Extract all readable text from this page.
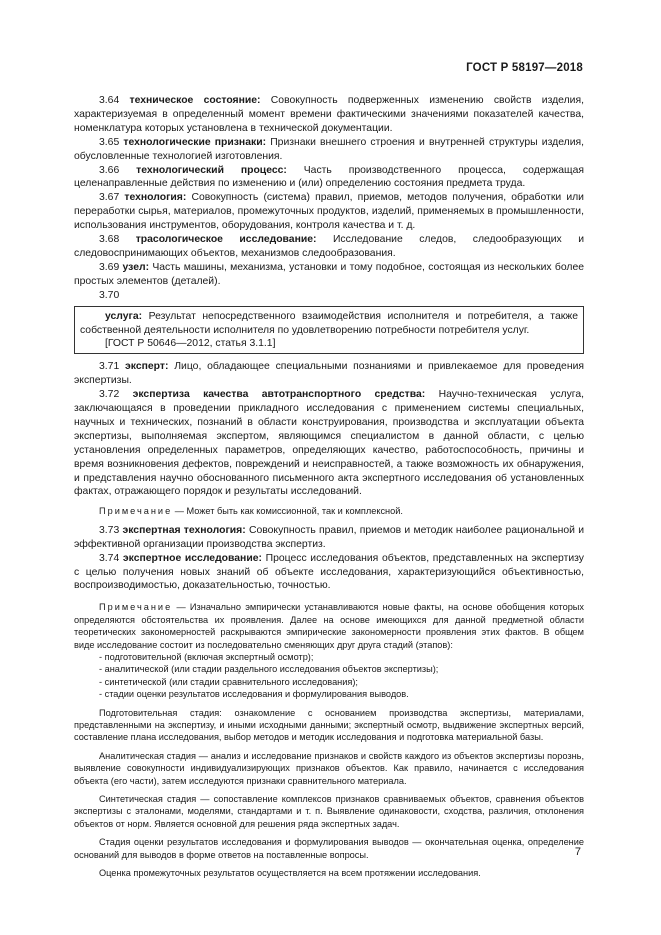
ГОСТ Р 58197—2018

3.64 техническое состояние: Совокупность подверженных изменению свойств изделия, характеризуемая в определенный момент времени фактическими значениями показателей качества, номенклатура которых установлена в технической документации.

3.65 технологические признаки: Признаки внешнего строения и внутренней структуры изделия, обусловленные технологией изготовления.

3.66 технологический процесс: Часть производственного процесса, содержащая целенаправленные действия по изменению и (или) определению состояния предмета труда.

3.67 технология: Совокупность (система) правил, приемов, методов получения, обработки или переработки сырья, материалов, промежуточных продуктов, изделий, применяемых в промышленности, использования инструментов, оборудования, контроля качества и т. д.

3.68 трасологическое исследование: Исследование следов, следообразующих и следовоспринимающих объектов, механизмов следообразования.

3.69 узел: Часть машины, механизма, установки и тому подобное, состоящая из нескольких более простых элементов (деталей).

3.70

услуга: Результат непосредственного взаимодействия исполнителя и потребителя, а также собственной деятельности исполнителя по удовлетворению потребности потребителя услуг.

[ГОСТ Р 50646—2012, статья 3.1.1]

3.71 эксперт: Лицо, обладающее специальными познаниями и привлекаемое для проведения экспертизы.

3.72 экспертиза качества автотранспортного средства: Научно-техническая услуга, заключающаяся в проведении прикладного исследования с применением системы специальных, научных и технических, познаний в области конструирования, производства и эксплуатации объекта экспертизы, выполняемая экспертом, являющимся специалистом в данной области, с целью установления определенных параметров, определяющих качество, работоспособность, причины и время возникновения дефектов, повреждений и неисправностей, а также возможность их обнаружения, и представления научно обоснованного письменного акта экспертного исследования об установленных фактах, отражающего порядок и результаты исследований.

Примечание — Может быть как комиссионной, так и комплексной.

3.73 экспертная технология: Совокупность правил, приемов и методик наиболее рациональной и эффективной организации производства экспертиз.

3.74 экспертное исследование: Процесс исследования объектов, представленных на экспертизу с целью получения новых знаний об объекте исследования, характеризующийся объективностью, воспроизводимостью, доказательностью, точностью.

Примечание — Изначально эмпирически устанавливаются новые факты, на основе обобщения которых определяются обстоятельства их проявления. Далее на основе имеющихся для данной предметной области теоретических закономерностей раскрываются эмпирические закономерности проявления этих фактов. В общем виде исследование состоит из последовательно сменяющих друг друга стадий (этапов):

- подготовительной (включая экспертный осмотр);
- аналитической (или стадии раздельного исследования объектов экспертизы);
- синтетической (или стадии сравнительного исследования);
- стадии оценки результатов исследования и формулирования выводов.

Подготовительная стадия: ознакомление с основанием производства экспертизы, материалами, представленными на экспертизу, и иными исходными данными; экспертный осмотр, выдвижение экспертных версий, составление плана исследования, выбор методов и методик исследования и подготовка материальной базы.

Аналитическая стадия — анализ и исследование признаков и свойств каждого из объектов экспертизы порознь, выявление совокупности индивидуализирующих признаков объектов. Как правило, начинается с исследования объекта (его части), затем исследуются признаки сравнительного материала.

Синтетическая стадия — сопоставление комплексов признаков сравниваемых объектов, сравнения объектов экспертизы с эталонами, моделями, стандартами и т. п. Выявление одинаковости, сходства, различия, отклонения объектов от норм. Является основной для решения ряда экспертных задач.

Стадия оценки результатов исследования и формулирования выводов — окончательная оценка, определение оснований для выводов в форме ответов на поставленные вопросы.

Оценка промежуточных результатов осуществляется на всем протяжении исследования.

7
